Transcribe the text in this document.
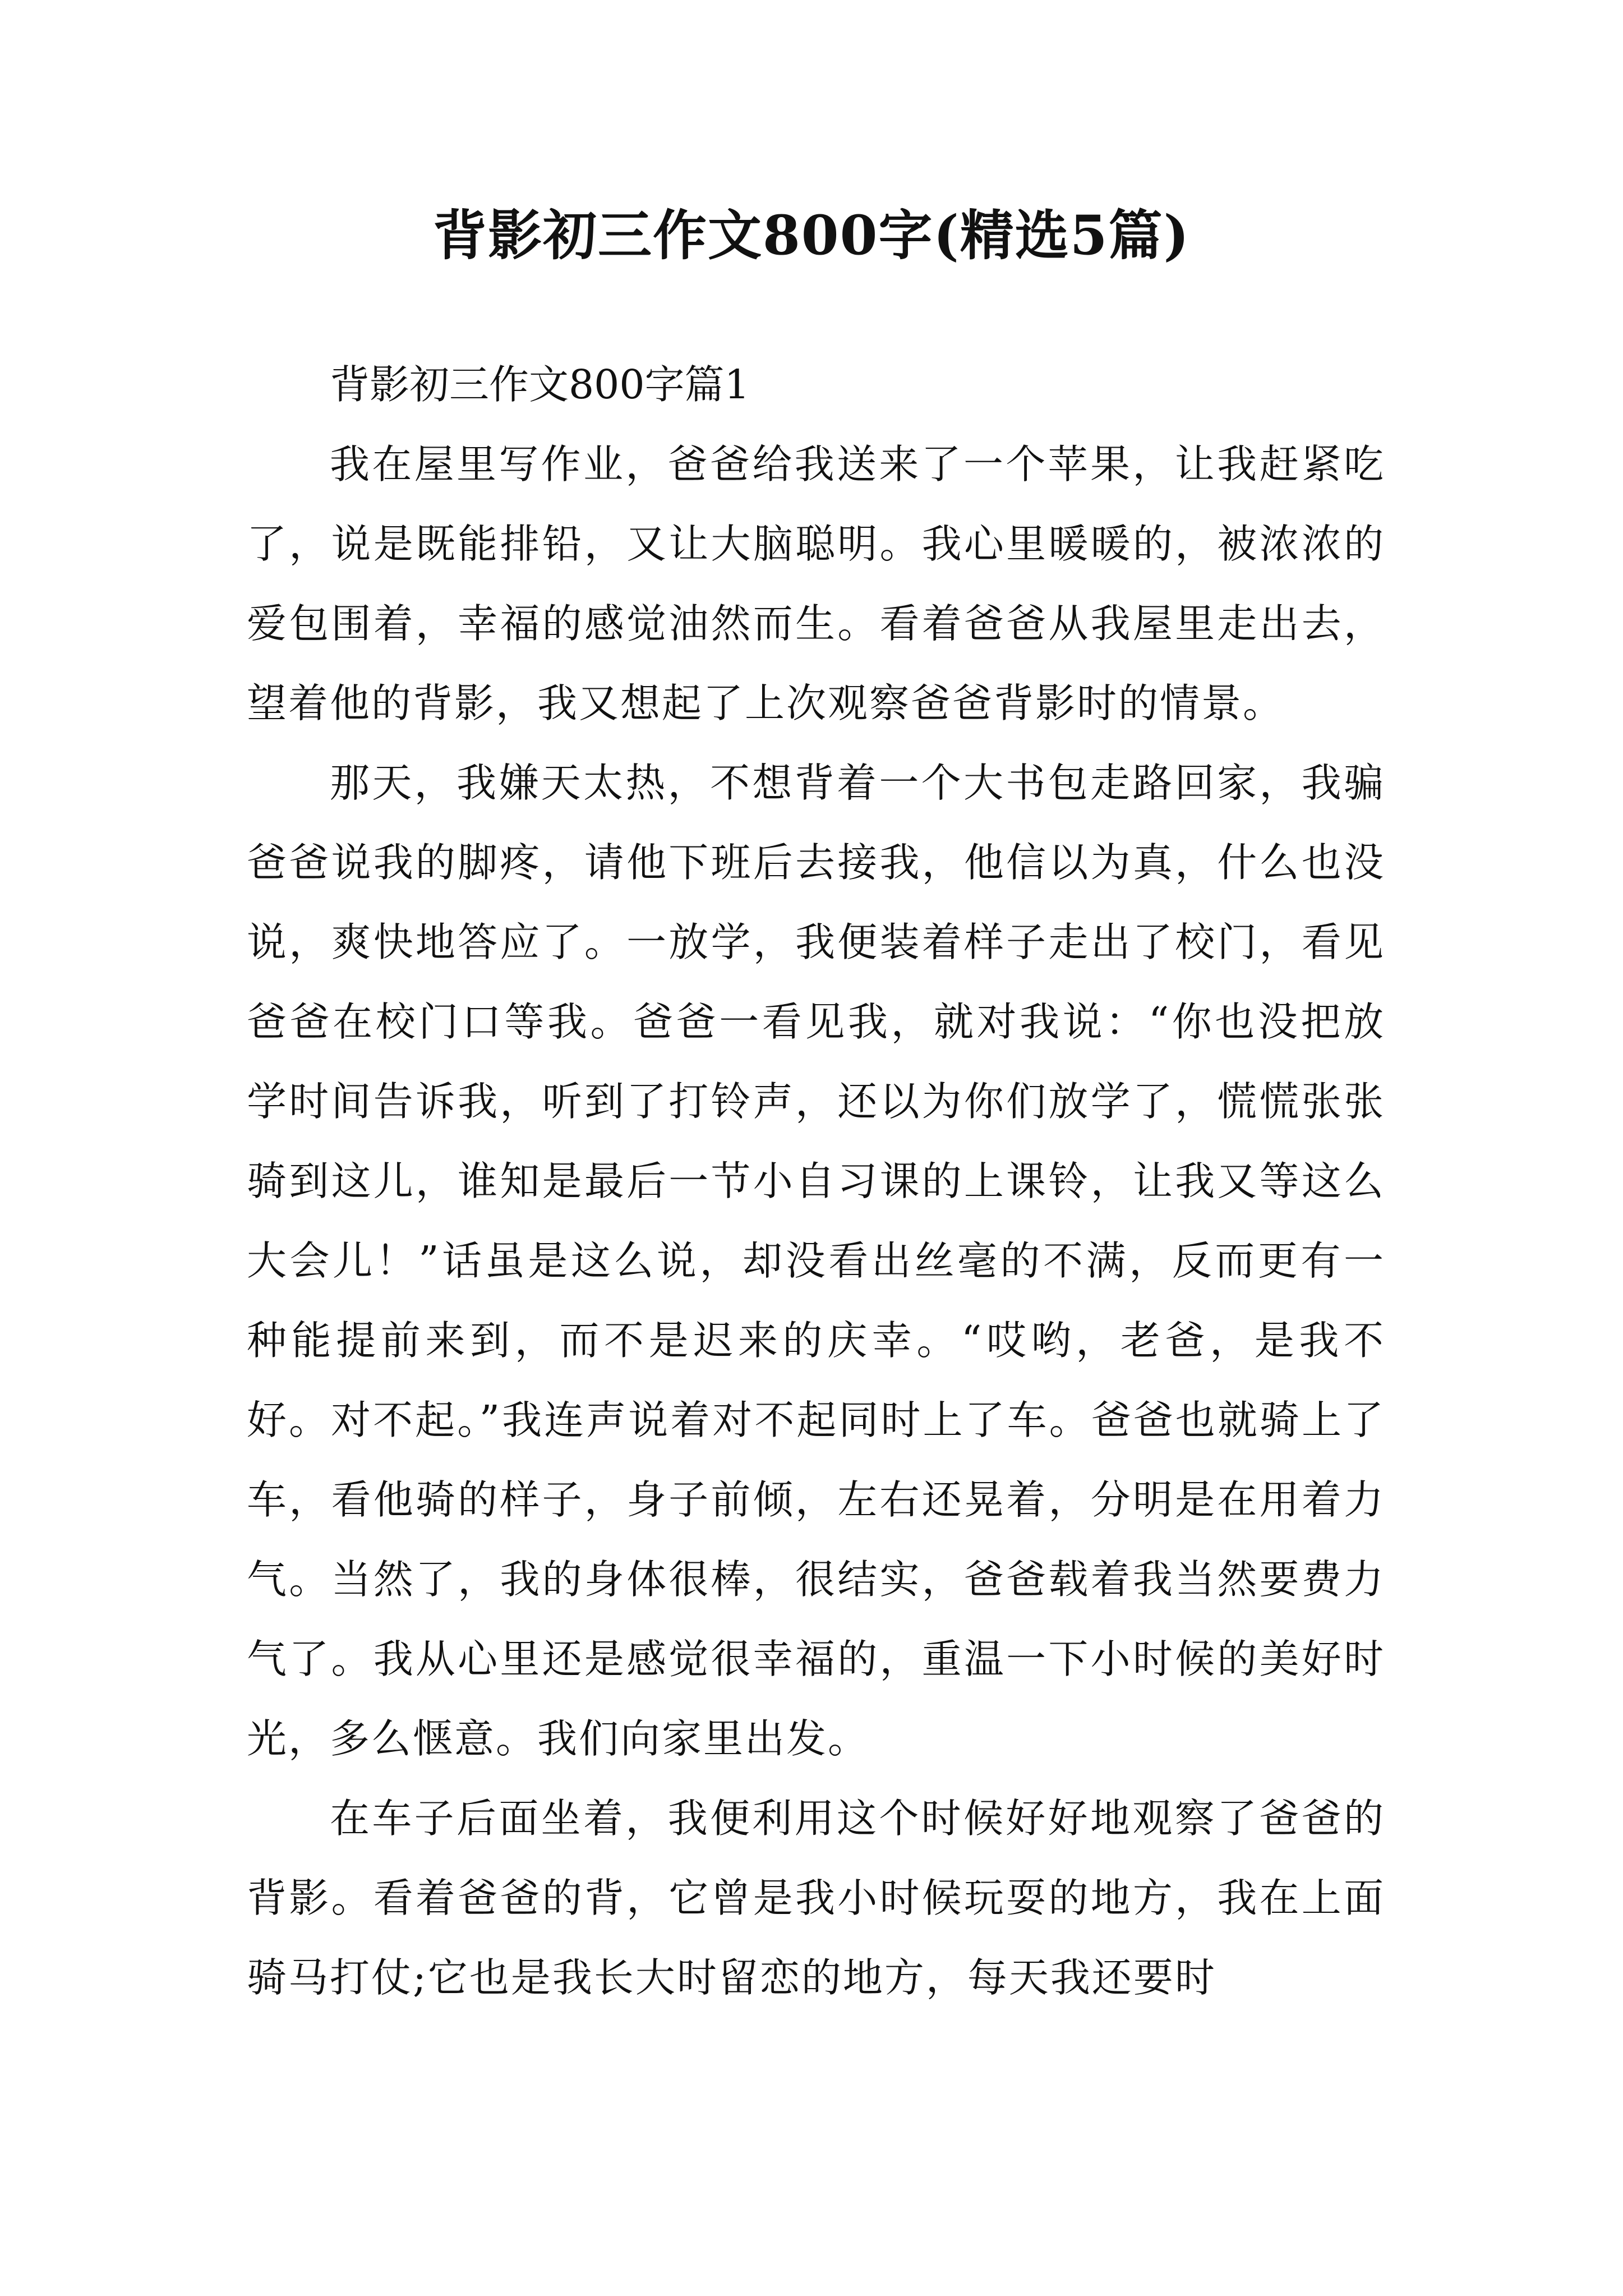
背影初三作文800字(精选5篇)

背影初三作文800字篇1

我在屋里写作业，爸爸给我送来了一个苹果，让我赶紧吃了，说是既能排铅，又让大脑聪明。我心里暖暖的，被浓浓的爱包围着，幸福的感觉油然而生。看着爸爸从我屋里走出去，望着他的背影，我又想起了上次观察爸爸背影时的情景。

那天，我嫌天太热，不想背着一个大书包走路回家，我骗爸爸说我的脚疼，请他下班后去接我，他信以为真，什么也没说，爽快地答应了。一放学，我便装着样子走出了校门，看见爸爸在校门口等我。爸爸一看见我，就对我说：“你也没把放学时间告诉我，听到了打铃声，还以为你们放学了，慌慌张张骑到这儿，谁知是最后一节小自习课的上课铃，让我又等这么大会儿！”话虽是这么说，却没看出丝毫的不满，反而更有一种能提前来到，而不是迟来的庆幸。“哎哟，老爸，是我不好。对不起。”我连声说着对不起同时上了车。爸爸也就骑上了车，看他骑的样子，身子前倾，左右还晃着，分明是在用着力气。当然了，我的身体很棒，很结实，爸爸载着我当然要费力气了。我从心里还是感觉很幸福的，重温一下小时候的美好时光，多么惬意。我们向家里出发。

在车子后面坐着，我便利用这个时候好好地观察了爸爸的背影。看着爸爸的背，它曾是我小时候玩耍的地方，我在上面骑马打仗;它也是我长大时留恋的地方，每天我还要时
